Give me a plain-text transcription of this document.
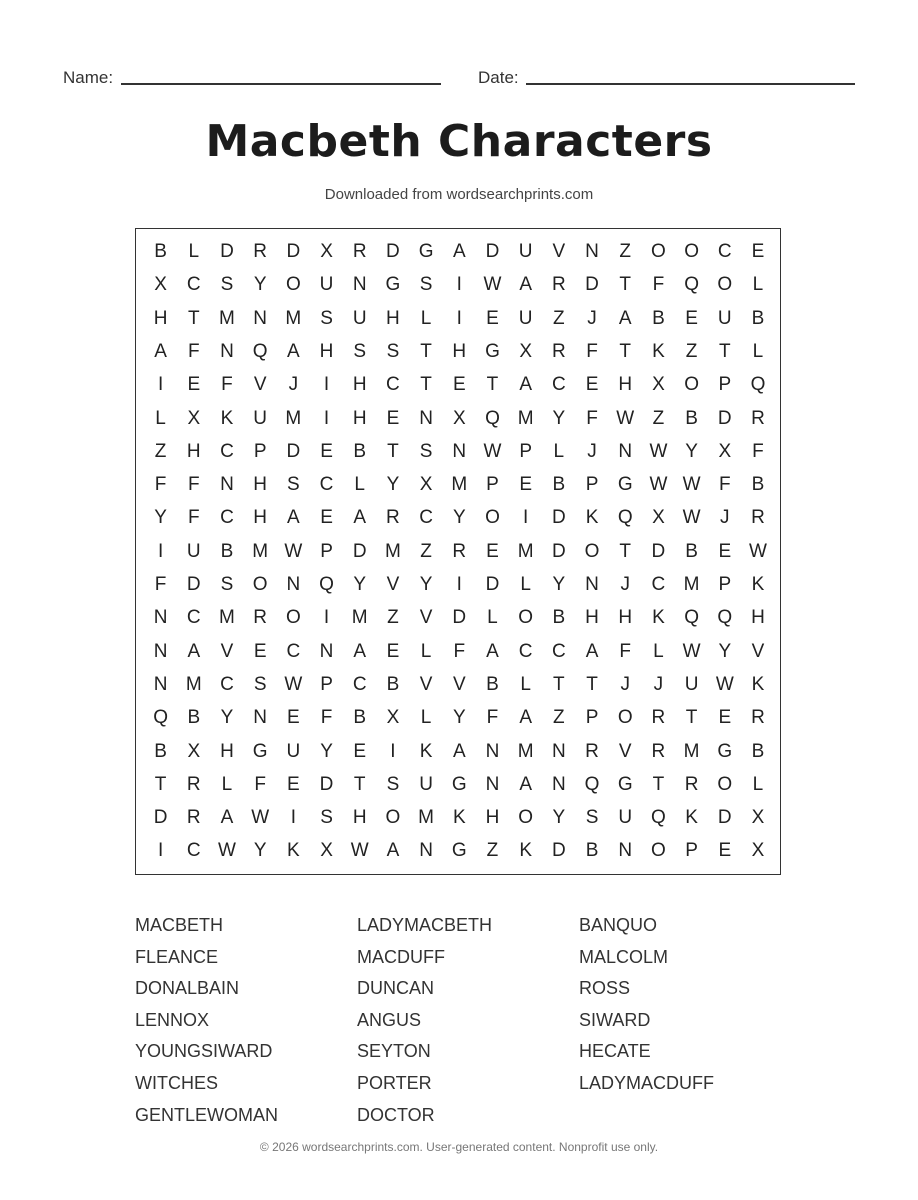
Name:	Date:
Macbeth Characters
Downloaded from wordsearchprints.com
B	L	D	R	D	X	R	D G	A	D	U	V	N	Z	O O C	E
X	C	S	Y	O U	N G	S	I	W A	R	D	T	F	Q O	L
H	T	M N M S	U	H	L	I	E	U	Z	J	A	B	E	U	B
A	F	N Q	A	H	S	S	T	H G	X	R	F	T	K	Z	T	L
I	E	F	V	J	I	H	C	T	E	T	A	C	E	H	X	O	P	Q
L	X	K	U M	I	H	E	N	X	Q M Y	F W Z	B	D	R
Z	H	C	P	D	E	B	T	S	N W P	L	J	N W Y	X	F
F	F	N	H	S	C	L	Y	X M P	E	B	P	G W W F	B
Y	F	C	H	A	E	A	R	C	Y	O	I	D	K	Q	X W	J	R
I	U	B M W P	D M	Z	R	E M D O	T	D	B	E W
F	D	S	O N Q	Y	V	Y	I	D	L	Y	N	J	C M P	K
N	C M R O	I	M	Z	V	D	L	O	B	H	H	K	Q Q H
N	A	V	E	C	N	A	E	L	F	A	C	C	A	F	L W Y	V
N M C	S W P	C	B	V	V	B	L	T	T	J	J	U W K
Q	B	Y	N	E	F	B	X	L	Y	F	A	Z	P	O R	T	E	R
B	X	H G U	Y	E	I	K	A	N M N	R	V	R M G	B
T	R	L	F	E	D	T	S	U G N	A	N Q G	T	R O	L
D	R	A W	I	S	H O M K	H O	Y	S	U Q	K	D	X
I	C W Y	K	X W A	N G	Z	K	D	B	N O	P	E	X
MACBETH	LADYMACBETH	BANQUO
FLEANCE	MACDUFF	MALCOLM
DONALBAIN	DUNCAN	ROSS
LENNOX	ANGUS	SIWARD
YOUNGSIWARD	SEYTON	HECATE
WITCHES	PORTER	LADYMACDUFF
GENTLEWOMAN	DOCTOR
© 2026 wordsearchprints.com. User-generated content. Nonprofit use only.
